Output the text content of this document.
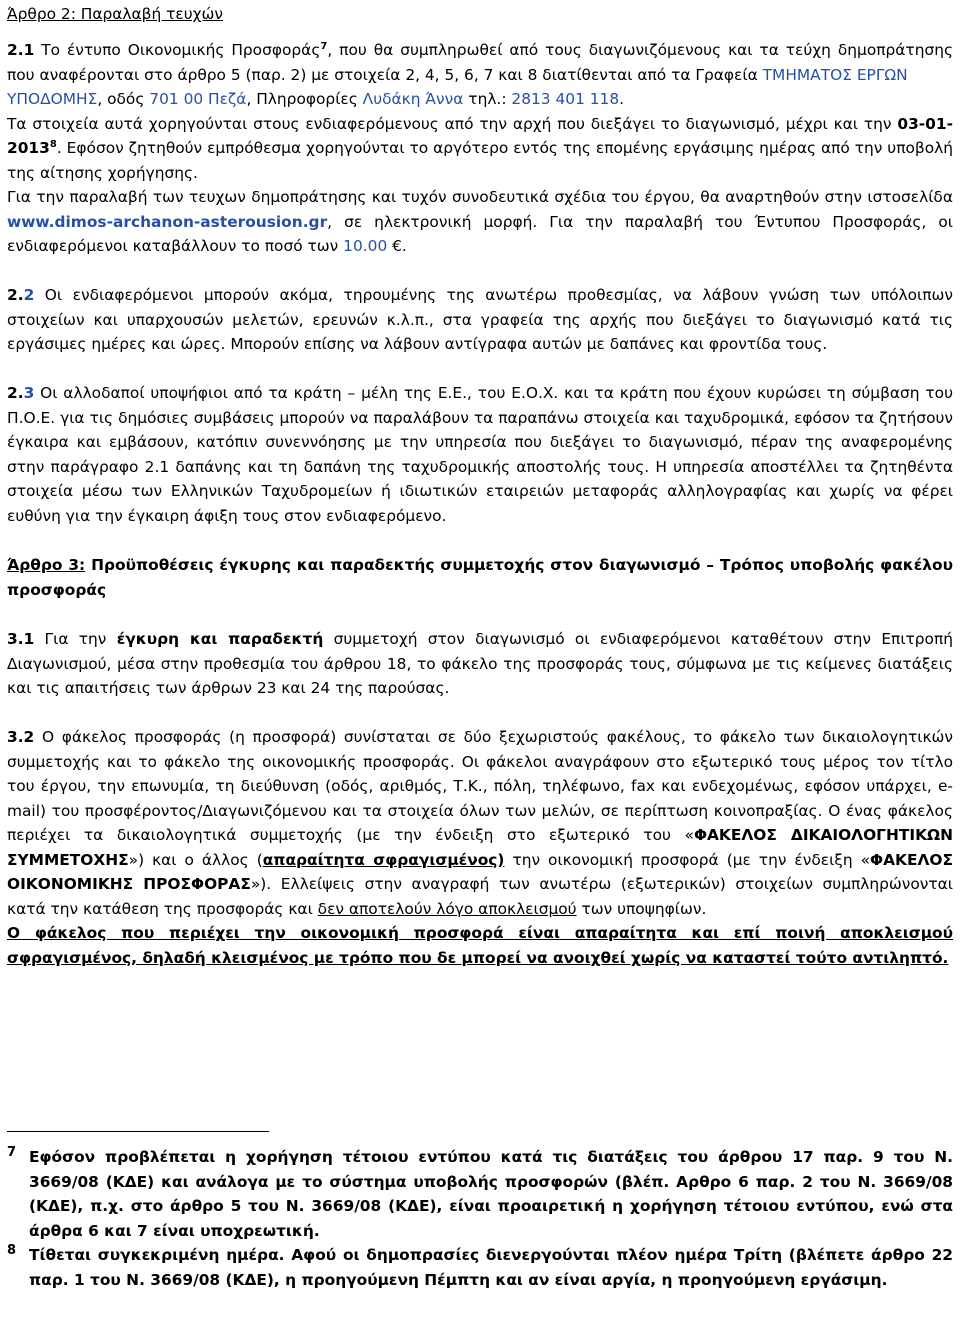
Άρθρο 2: Παραλαβή τευχών

2.1 Το έντυπο Οικονομικής Προσφοράς$^7$, που θα συμπληρωθεί από τους διαγωνιζόμενους και τα τεύχη δημοπράτησης που αναφέρονται στο άρθρο 5 (παρ. 2) με στοιχεία 2, 4, 5, 6, 7 και 8 διατίθενται από τα Γραφεία ΤΜΗΜΑΤΟΣ ΕΡΓΩΝ
ΥΠΟΔΟΜΗΣ, οδός 701 00 Πεζά, Πληροφορίες Λυδάκη Άννα τηλ.: 2813 401 118.

Τα στοιχεία αυτά χορηγούνται στους ενδιαφερόμενους από την αρχή που διεξάγει το διαγωνισμό, μέχρι και την 03-01-2013$^8$. Εφόσον ζητηθούν εμπρόθεσμα χορηγούνται το αργότερο εντός της επομένης εργάσιμης ημέρας από την υποβολή της αίτησης χορήγησης.

Για την παραλαβή των τευχων δημοπράτησης και τυχόν συνοδευτικά σχέδια του έργου, θα αναρτηθούν στην ιστοσελίδα www.dimos-archanon-asterousion.gr, σε ηλεκτρονική μορφή. Για την παραλαβή του Έντυπου Προσφοράς, οι ενδιαφερόμενοι καταβάλλουν το ποσό των 10.00 €.

2.2 Οι ενδιαφερόμενοι μπορούν ακόμα, τηρουμένης της ανωτέρω προθεσμίας, να λάβουν γνώση των υπόλοιπων στοιχείων και υπαρχουσών μελετών, ερευνών κ.λ.π., στα γραφεία της αρχής που διεξάγει το διαγωνισμό κατά τις εργάσιμες ημέρες και ώρες. Μπορούν επίσης να λάβουν αντίγραφα αυτών με δαπάνες και φροντίδα τους.

2.3 Οι αλλοδαποί υποψήφιοι από τα κράτη – μέλη της Ε.Ε., του Ε.Ο.Χ. και τα κράτη που έχουν κυρώσει τη σύμβαση του Π.Ο.Ε. για τις δημόσιες συμβάσεις μπορούν να παραλάβουν τα παραπάνω στοιχεία και ταχυδρομικά, εφόσον τα ζητήσουν έγκαιρα και εμβάσουν, κατόπιν συνεννόησης με την υπηρεσία που διεξάγει το διαγωνισμό, πέραν της αναφερομένης στην παράγραφο 2.1 δαπάνης και τη δαπάνη της ταχυδρομικής αποστολής τους. Η υπηρεσία αποστέλλει τα ζητηθέντα στοιχεία μέσω των Ελληνικών Ταχυδρομείων ή ιδιωτικών εταιρειών μεταφοράς αλληλογραφίας και χωρίς να φέρει ευθύνη για την έγκαιρη άφιξη τους στον ενδιαφερόμενο.

Άρθρο 3: Προϋποθέσεις έγκυρης και παραδεκτής συμμετοχής στον διαγωνισμό – Τρόπος υποβολής φακέλου προσφοράς

3.1 Για την έγκυρη και παραδεκτή συμμετοχή στον διαγωνισμό οι ενδιαφερόμενοι καταθέτουν στην Επιτροπή Διαγωνισμού, μέσα στην προθεσμία του άρθρου 18, το φάκελο της προσφοράς τους, σύμφωνα με τις κείμενες διατάξεις και τις απαιτήσεις των άρθρων 23 και 24 της παρούσας.

3.2 Ο φάκελος προσφοράς (η προσφορά) συνίσταται σε δύο ξεχωριστούς φακέλους, το φάκελο των δικαιολογητικών συμμετοχής και το φάκελο της οικονομικής προσφοράς. Οι φάκελοι αναγράφουν στο εξωτερικό τους μέρος τον τίτλο του έργου, την επωνυμία, τη διεύθυνση (οδός, αριθμός, Τ.Κ., πόλη, τηλέφωνο, fax και ενδεχομένως, εφόσον υπάρχει, e-mail) του προσφέροντος/Διαγωνιζόμενου και τα στοιχεία όλων των μελών, σε περίπτωση κοινοπραξίας. Ο ένας φάκελος περιέχει τα δικαιολογητικά συμμετοχής (με την ένδειξη στο εξωτερικό του «ΦΑΚΕΛΟΣ ΔΙΚΑΙΟΛΟΓΗΤΙΚΩΝ ΣΥΜΜΕΤΟΧΗΣ») και ο άλλος (απαραίτητα σφραγισμένος) την οικονομική προσφορά (με την ένδειξη «ΦΑΚΕΛΟΣ ΟΙΚΟΝΟΜΙΚΗΣ ΠΡΟΣΦΟΡΑΣ»). Ελλείψεις στην αναγραφή των ανωτέρω (εξωτερικών) στοιχείων συμπληρώνονται κατά την κατάθεση της προσφοράς και δεν αποτελούν λόγο αποκλεισμού των υποψηφίων.

Ο φάκελος που περιέχει την οικονομική προσφορά είναι απαραίτητα και επί ποινή αποκλεισμού σφραγισμένος, δηλαδή κλεισμένος με τρόπο που δε μπορεί να ανοιχθεί χωρίς να καταστεί τούτο αντιληπτό.

7 Εφόσον προβλέπεται η χορήγηση τέτοιου εντύπου κατά τις διατάξεις του άρθρου 17 παρ. 9 του Ν. 3669/08 (ΚΔΕ) και ανάλογα με το σύστημα υποβολής προσφορών (βλέπ. Αρθρο 6 παρ. 2 του Ν. 3669/08 (ΚΔΕ), π.χ. στο άρθρο 5 του Ν. 3669/08 (ΚΔΕ), είναι προαιρετική η χορήγηση τέτοιου εντύπου, ενώ στα άρθρα 6 και 7 είναι υποχρεωτική.
8 Τίθεται συγκεκριμένη ημέρα. Αφού οι δημοπρασίες διενεργούνται πλέον ημέρα Τρίτη (βλέπετε άρθρο 22 παρ. 1 του Ν. 3669/08 (ΚΔΕ), η προηγούμενη Πέμπτη και αν είναι αργία, η προηγούμενη εργάσιμη.
